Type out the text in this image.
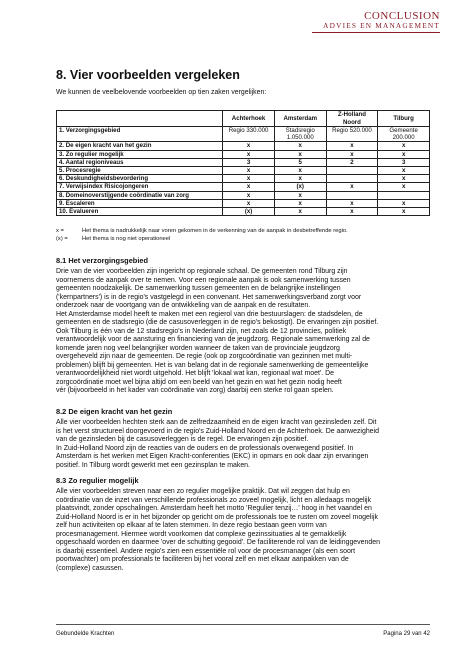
CONCLUSION
ADVIES EN MANAGEMENT
8. Vier voorbeelden vergeleken
We kunnen de veelbelovende voorbeelden op tien zaken vergelijken:
	Achterhoek	Amsterdam	Z-Holland Noord	Tilburg
1. Verzorgingsgebied	Regio 330.000	Stadsregio 1.050.000	Regio 520.000	Gemeente 200.000
2. De eigen kracht van het gezin	x	x	x	x
3. Zo regulier mogelijk	x	x	x	x
4. Aantal regioniveaus	3	5	2	3
5. Procesregie	x	x		x
6. Deskundigheidsbevordering	x	x		x
7. Verwijsindex Risicojongeren	x	(x)	x	x
8. Domeinoverstijgende coördinatie van zorg	x	x		
9. Escaleren	x	x	x	x
10. Evalueren	(x)	x	x	x
x =	Het thema is nadrukkelijk naar voren gekomen in de verkenning van de aanpak in desbetreffende regio.
(x) = Het thema is nog niet operationeel
8.1 Het verzorgingsgebied
Drie van de vier voorbeelden zijn ingericht op regionale schaal. De gemeenten rond Tilburg zijn
voornemens de aanpak over te nemen. Voor een regionale aanpak is ook samenwerking tussen
gemeenten noodzakelijk. De samenwerking tussen gemeenten en de belangrijke instellingen
('kernpartners') is in de regio's vastgelegd in een convenant. Het samenwerkingsverband zorgt voor
onderzoek naar de voortgang van de ontwikkeling van de aanpak en de resultaten.
Het Amsterdamse model heeft te maken met een regierol van drie bestuurslagen: de stadsdelen, de
gemeenten en de stadsregio (die de casusoverleggen in de regio's bekostigt). De ervaringen zijn positief.
Ook Tilburg is één van de 12 stadsregio's in Nederland zijn, net zoals de 12 provincies, politiek
verantwoordelijk voor de aansturing en financiering van de jeugdzorg. Regionale samenwerking zal de
komende jaren nog veel belangrijker worden wanneer de taken van de provinciale jeugdzorg
overgeheveld zijn naar de gemeenten. De regie (ook op zorgcoördinatie van gezinnen met multi-
problemen) blijft bij gemeenten. Het is van belang dat in de regionale samenwerking de gemeentelijke
verantwoordelijkheid niet wordt uitgehold. Het blijft 'lokaal wat kan, regionaal wat moet'. De
zorgcoördinatie moet wel bijna altijd om een beeld van het gezin en wat het gezin nodig heeft
vér (bijvoorbeeld in het kader van coördinatie van zorg) daarbij een sterke rol gaan spelen.
8.2 De eigen kracht van het gezin
Alle vier voorbeelden hechten sterk aan de zelfredzaamheid en de eigen kracht van gezinsleden zelf. Dit
is het verst structureel doorgevoerd in de regio's Zuid-Holland Noord en de Achterhoek. De aanwezigheid
van de gezinsleden bij de casusoverleggen is de regel. De ervaringen zijn positief.
In Zuid-Holland Noord zijn de reacties van de ouders en de professionals overwegend positief. In
Amsterdam is het werken met Eigen Kracht-conferenties (EKC) in opmars en ook daar zijn ervaringen
positief. In Tilburg wordt gewerkt met een gezinsplan te maken.
8.3 Zo regulier mogelijk
Alle vier voorbeelden streven naar een zo regulier mogelijke praktijk. Dat wil zeggen dat hulp en
coördinatie van de inzet van verschillende professionals zo zoveel mogelijk, licht en alledaags mogelijk
plaatsvindt, zonder opschalingen. Amsterdam heeft het motto 'Regulier tenzij…' hoog in het vaandel en
Zuid-Holland Noord is er in het bijzonder op gericht om de professionals toe te rusten om zoveel mogelijk
zelf hun activiteiten op elkaar af te laten stemmen. In deze regio bestaan geen vorm van
procesmanagement. Hiermee wordt voorkomen dat complexe gezinssituaties al te gemakkelijk
opgeschaald worden en daarmee 'over de schutting gegooid'. De faciliterende rol van de leidinggevenden
is daarbij essentieel. Andere regio's zien een essentiële rol voor de procesmanager (als een soort
poortwachter) om professionals te faciliteren bij het vooral zelf en met elkaar aanpakken van de
(complexe) casussen.
Gebundelde Krachten	Pagina 29 van 42
